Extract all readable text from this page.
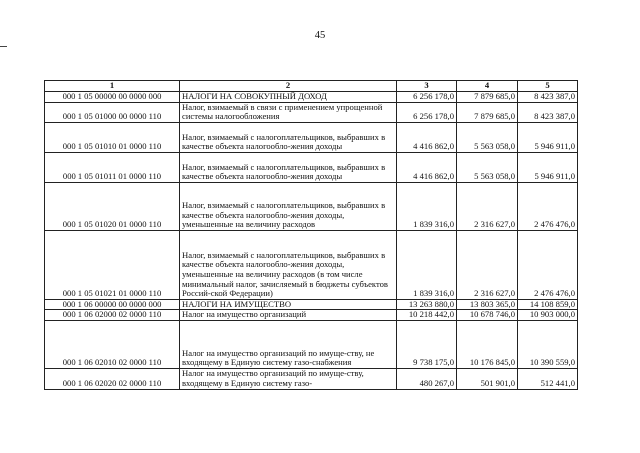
45
1	2	3	4	5
000 1 05 00000 00 0000 000	НАЛОГИ НА СОВОКУПНЫЙ ДОХОД	6 256 178,0	7 879 685,0	8 423 387,0
000 1 05 01000 00 0000 110	Налог, взимаемый в связи с применением упрощенной системы налогообложения	6 256 178,0	7 879 685,0	8 423 387,0
000 1 05 01010 01 0000 110	Налог, взимаемый с налогоплательщиков, выбравших в качестве объекта налогообло-жения доходы	4 416 862,0	5 563 058,0	5 946 911,0
000 1 05 01011 01 0000 110	Налог, взимаемый с налогоплательщиков, выбравших в качестве объекта налогообло-жения доходы	4 416 862,0	5 563 058,0	5 946 911,0
000 1 05 01020 01 0000 110	Налог, взимаемый с налогоплательщиков, выбравших в качестве объекта налогообло-жения доходы, уменьшенные на величину расходов	1 839 316,0	2 316 627,0	2 476 476,0
000 1 05 01021 01 0000 110	Налог, взимаемый с налогоплательщиков, выбравших в качестве объекта налогообло-жения доходы, уменьшенные на величину расходов (в том числе минимальный налог, зачисляемый в бюджеты субъектов Россий-ской Федерации)	1 839 316,0	2 316 627,0	2 476 476,0
000 1 06 00000 00 0000 000	НАЛОГИ НА ИМУЩЕСТВО	13 263 880,0	13 803 365,0	14 108 859,0
000 1 06 02000 02 0000 110	Налог на имущество организаций	10 218 442,0	10 678 746,0	10 903 000,0
000 1 06 02010 02 0000 110	Налог на имущество организаций по имуще-ству, не входящему в Единую систему газо-снабжения	9 738 175,0	10 176 845,0	10 390 559,0
000 1 06 02020 02 0000 110	Налог на имущество организаций по имуще-ству, входящему в Единую систему газо-	480 267,0	501 901,0	512 441,0
